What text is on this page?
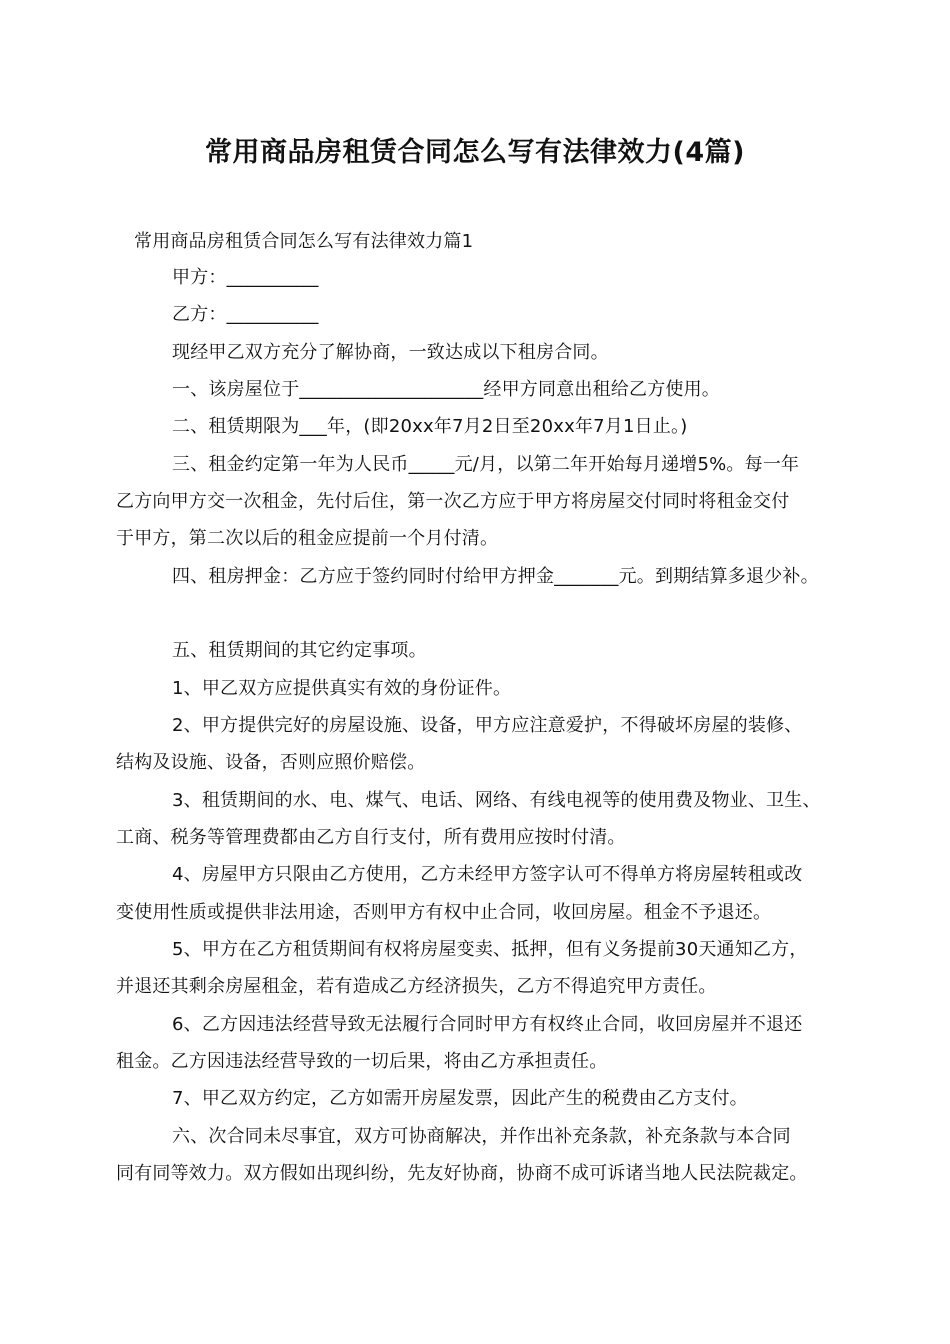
常用商品房租赁合同怎么写有法律效力(4篇)
常用商品房租赁合同怎么写有法律效力篇1
甲方：__________
乙方：__________
现经甲乙双方充分了解协商，一致达成以下租房合同。
一、该房屋位于____________________经甲方同意出租给乙方使用。
二、租赁期限为___年，(即20xx年7月2日至20xx年7月1日止。)
三、租金约定第一年为人民币_____元/月，以第二年开始每月递增5%。每一年
乙方向甲方交一次租金，先付后住，第一次乙方应于甲方将房屋交付同时将租金交付
于甲方，第二次以后的租金应提前一个月付清。
四、租房押金：乙方应于签约同时付给甲方押金_______元。到期结算多退少补。
五、租赁期间的其它约定事项。
1、甲乙双方应提供真实有效的身份证件。
2、甲方提供完好的房屋设施、设备，甲方应注意爱护，不得破坏房屋的装修、
结构及设施、设备，否则应照价赔偿。
3、租赁期间的水、电、煤气、电话、网络、有线电视等的使用费及物业、卫生、
工商、税务等管理费都由乙方自行支付，所有费用应按时付清。
4、房屋甲方只限由乙方使用，乙方未经甲方签字认可不得单方将房屋转租或改
变使用性质或提供非法用途，否则甲方有权中止合同，收回房屋。租金不予退还。
5、甲方在乙方租赁期间有权将房屋变卖、抵押，但有义务提前30天通知乙方，
并退还其剩余房屋租金，若有造成乙方经济损失，乙方不得追究甲方责任。
6、乙方因违法经营导致无法履行合同时甲方有权终止合同，收回房屋并不退还
租金。乙方因违法经营导致的一切后果，将由乙方承担责任。
7、甲乙双方约定，乙方如需开房屋发票，因此产生的税费由乙方支付。
六、次合同未尽事宜，双方可协商解决，并作出补充条款，补充条款与本合同
同有同等效力。双方假如出现纠纷，先友好协商，协商不成可诉诸当地人民法院裁定。
